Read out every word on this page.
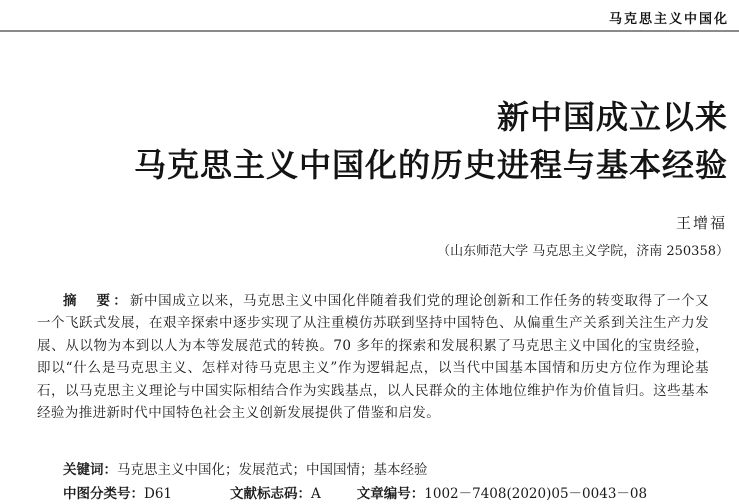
马克思主义中国化
新中国成立以来
马克思主义中国化的历史进程与基本经验
王增福
（山东师范大学 马克思主义学院，济南 250358）
摘　要：新中国成立以来，马克思主义中国化伴随着我们党的理论创新和工作任务的转变取得了一个又一个飞跃式发展，在艰辛探索中逐步实现了从注重模仿苏联到坚持中国特色、从偏重生产关系到关注生产力发展、从以物为本到以人为本等发展范式的转换。70 多年的探索和发展积累了马克思主义中国化的宝贵经验，即以“什么是马克思主义、怎样对待马克思主义”作为逻辑起点，以当代中国基本国情和历史方位作为理论基石，以马克思主义理论与中国实际相结合作为实践基点，以人民群众的主体地位维护作为价值旨归。这些基本经验为推进新时代中国特色社会主义创新发展提供了借鉴和启发。
关键词：马克思主义中国化；发展范式；中国国情；基本经验
中图分类号：D61	文献标志码：A	文章编号：1002－7408(2020)05－0043－08
